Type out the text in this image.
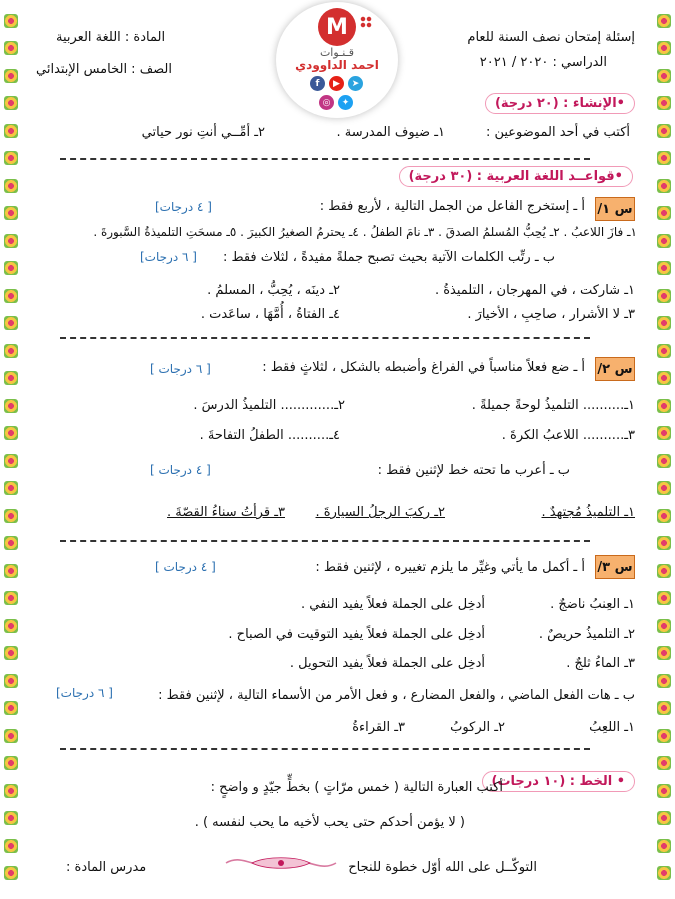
إسئلة إمتحان نصف السنة للعام
الدراسي : ٢٠٢٠ / ٢٠٢١
المادة : اللغة العربية
الصف : الخامس الإبتدائي
M
قـنـوات
احمد الداوودي
f	▶	➤
◎	✦	•الإنشاء : (٢٠ درجة)
أكتب في أحد الموضوعين :
١ـ ضيوف المدرسة .
٢ـ أمِّــي أنتِ نور حياتي
•قواعــد اللغة العربية : (٣٠ درجة)
س ١/
أ ـ إستخرج الفاعل من الجمل التالية ، لأربع فقط :
[ ٤ درجات]
١ـ فازَ اللاعبُ . ٢ـ يُحِبُّ المُسلمُ الصدقَ . ٣ـ نامَ الطفلُ . ٤ـ يحترمُ الصغيرُ الكبيرَ . ٥ـ مسحَتِ التلميذةُ السَّبورةَ .
ب ـ رتِّب الكلمات الآتية بحيث تصبح جملةً مفيدةً ، لثلاث فقط :
[ ٦ درجات]
١ـ شاركت ، في المهرجان ، التلميذةُ .
٢ـ دينَه ، يُحِبُّ ، المسلمُ .
٣ـ لا الأشرار ، صاحِبِ ، الأخيارَ .
٤ـ الفتاةُ ، أُمَّهَا ، ساعَدت .
س ٢/
أ ـ ضع فعلاً مناسباً في الفراغ وأضبطه بالشكل ، لثلاثٍ فقط :
[ ٦ درجات ]
١ـ.......... التلميذُ لوحةً جميلةً .
٢ـ............. التلميذُ الدرسَ .
٣ـ.......... اللاعبُ الكرةَ .
٤ـ.......... الطفلُ التفاحةَ .
ب ـ أعرب ما تحته خط لإثنين فقط :
[ ٤ درجات ]
١ـ التلميذُ مُجتهدٌ .
٢ـ ركبَ الرجلُ السيارةَ .
٣ـ قرأتُ سناءُ القصّةَ .
س ٣/
أ ـ أكمل ما يأتي وغيِّر ما يلزم تغييره ، لإثنين فقط :
[ ٤ درجات ]
١ـ العِنبُ ناضجٌ .
أدخِل على الجملة فعلاً يفيد النفي .
٢ـ التلميذُ حريصٌ .
أدخِل على الجملة فعلاً يفيد التوقيت في الصباح .
٣ـ الماءُ ثلجٌ .
أدخِل على الجملة فعلاً يفيد التحويل .
ب ـ هات الفعل الماضي ، والفعل المضارع ، و فعل الأمر من الأسماء التالية ، لإثنين فقط :
[ ٦ درجات]
١ـ اللعِبُ
٢ـ الركوبُ
٣ـ القراءةُ
• الخط : (١٠ درجات)
أكتب العبارة التالية ( خمس مرّاتٍ ) بخطٍّ جيّدٍ و واضحٍ :
( لا يؤمن أحدكم حتى يحب لأخيه ما يحب لنفسه ) .
التوكّــل على الله أوّل خطوة للنجاح
مدرس المادة :
